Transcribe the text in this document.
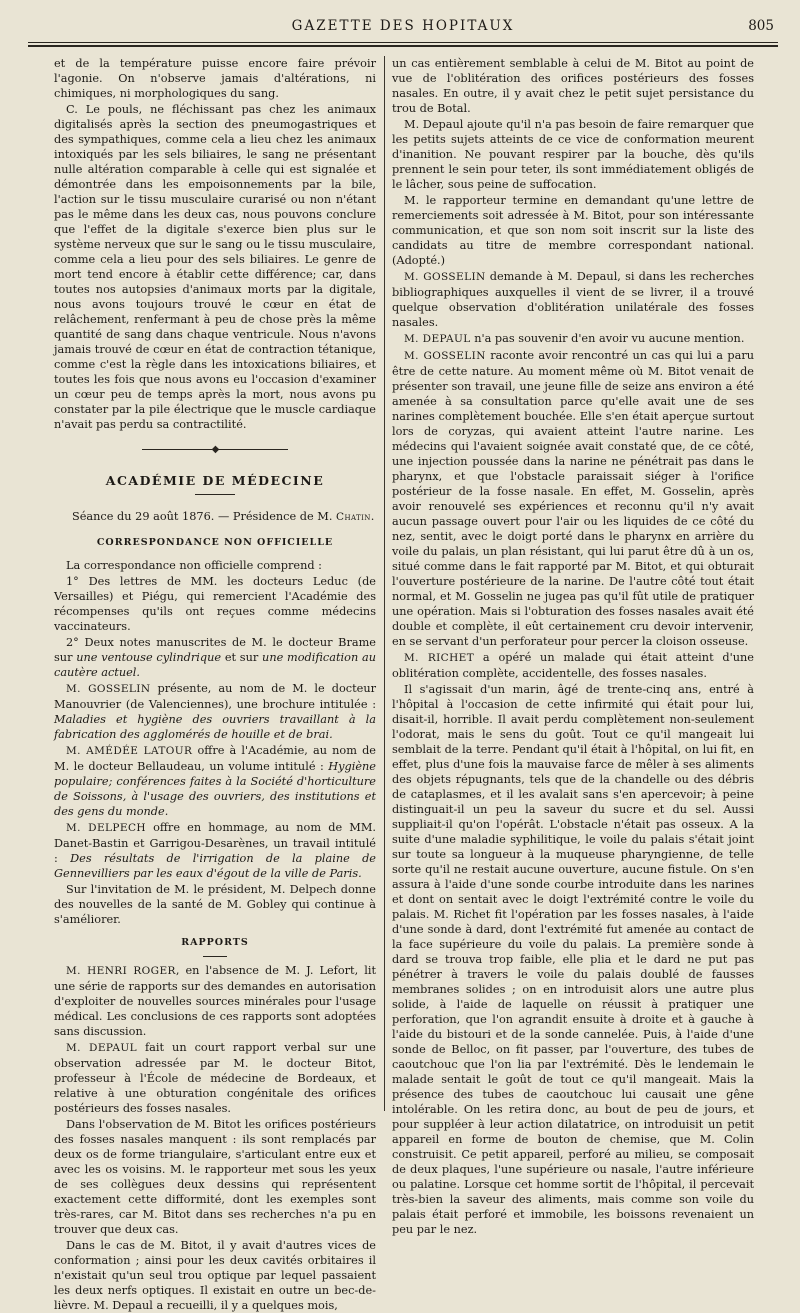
GAZETTE DES HOPITAUX	805

et de la température puisse encore faire prévoir l'agonie. On n'observe jamais d'altérations, ni chimiques, ni morphologiques du sang.

C. Le pouls, ne fléchissant pas chez les animaux digitalisés après la section des pneumogastriques et des sympathiques, comme cela a lieu chez les animaux intoxiqués par les sels biliaires, le sang ne présentant nulle altération comparable à celle qui est signalée et démontrée dans les empoisonnements par la bile, l'action sur le tissu musculaire curarisé ou non n'étant pas le même dans les deux cas, nous pouvons conclure que l'effet de la digitale s'exerce bien plus sur le système nerveux que sur le sang ou le tissu musculaire, comme cela a lieu pour des sels biliaires. Le genre de mort tend encore à établir cette différence; car, dans toutes nos autopsies d'animaux morts par la digitale, nous avons toujours trouvé le cœur en état de relâchement, renfermant à peu de chose près la même quantité de sang dans chaque ventricule. Nous n'avons jamais trouvé de cœur en état de contraction tétanique, comme c'est la règle dans les intoxications biliaires, et toutes les fois que nous avons eu l'occasion d'examiner un cœur peu de temps après la mort, nous avons pu constater par la pile électrique que le muscle cardiaque n'avait pas perdu sa contractilité.

◆
ACADÉMIE DE MÉDECINE

Séance du 29 août 1876. — Présidence de M. Chatin.

CORRESPONDANCE NON OFFICIELLE

La correspondance non officielle comprend :

1° Des lettres de MM. les docteurs Leduc (de Versailles) et Piégu, qui remercient l'Académie des récompenses qu'ils ont reçues comme médecins vaccinateurs.

2° Deux notes manuscrites de M. le docteur Brame sur une ventouse cylindrique et sur une modification au cautère actuel.

M. GOSSELIN présente, au nom de M. le docteur Manouvrier (de Valenciennes), une brochure intitulée : Maladies et hygiène des ouvriers travaillant à la fabrication des agglomérés de houille et de brai.

M. AMÉDÉE LATOUR offre à l'Académie, au nom de M. le docteur Bellaudeau, un volume intitulé : Hygiène populaire; conférences faites à la Société d'horticulture de Soissons, à l'usage des ouvriers, des institutions et des gens du monde.

M. DELPECH offre en hommage, au nom de MM. Danet-Bastin et Garrigou-Desarènes, un travail intitulé : Des résultats de l'irrigation de la plaine de Gennevilliers par les eaux d'égout de la ville de Paris.

Sur l'invitation de M. le président, M. Delpech donne des nouvelles de la santé de M. Gobley qui continue à s'améliorer.

RAPPORTS

M. HENRI ROGER, en l'absence de M. J. Lefort, lit une série de rapports sur des demandes en autorisation d'exploiter de nouvelles sources minérales pour l'usage médical. Les conclusions de ces rapports sont adoptées sans discussion.

M. DEPAUL fait un court rapport verbal sur une observation adressée par M. le docteur Bitot, professeur à l'École de médecine de Bordeaux, et relative à une obturation congénitale des orifices postérieurs des fosses nasales.

Dans l'observation de M. Bitot les orifices postérieurs des fosses nasales manquent : ils sont remplacés par deux os de forme triangulaire, s'articulant entre eux et avec les os voisins. M. le rapporteur met sous les yeux de ses collègues deux dessins qui représentent exactement cette difformité, dont les exemples sont très-rares, car M. Bitot dans ses recherches n'a pu en trouver que deux cas.

Dans le cas de M. Bitot, il y avait d'autres vices de conformation ; ainsi pour les deux cavités orbitaires il n'existait qu'un seul trou optique par lequel passaient les deux nerfs optiques. Il existait en outre un bec-de-lièvre. M. Depaul a recueilli, il y a quelques mois,

un cas entièrement semblable à celui de M. Bitot au point de vue de l'oblitération des orifices postérieurs des fosses nasales. En outre, il y avait chez le petit sujet persistance du trou de Botal.

M. Depaul ajoute qu'il n'a pas besoin de faire remarquer que les petits sujets atteints de ce vice de conformation meurent d'inanition. Ne pouvant respirer par la bouche, dès qu'ils prennent le sein pour teter, ils sont immédiatement obligés de le lâcher, sous peine de suffocation.

M. le rapporteur termine en demandant qu'une lettre de remerciements soit adressée à M. Bitot, pour son intéressante communication, et que son nom soit inscrit sur la liste des candidats au titre de membre correspondant national. (Adopté.)

M. GOSSELIN demande à M. Depaul, si dans les recherches bibliographiques auxquelles il vient de se livrer, il a trouvé quelque observation d'oblitération unilatérale des fosses nasales.

M. DEPAUL n'a pas souvenir d'en avoir vu aucune mention.

M. GOSSELIN raconte avoir rencontré un cas qui lui a paru être de cette nature. Au moment même où M. Bitot venait de présenter son travail, une jeune fille de seize ans environ a été amenée à sa consultation parce qu'elle avait une de ses narines complètement bouchée. Elle s'en était aperçue surtout lors de coryzas, qui avaient atteint l'autre narine. Les médecins qui l'avaient soignée avait constaté que, de ce côté, une injection poussée dans la narine ne pénétrait pas dans le pharynx, et que l'obstacle paraissait siéger à l'orifice postérieur de la fosse nasale. En effet, M. Gosselin, après avoir renouvelé ses expériences et reconnu qu'il n'y avait aucun passage ouvert pour l'air ou les liquides de ce côté du nez, sentit, avec le doigt porté dans le pharynx en arrière du voile du palais, un plan résistant, qui lui parut être dû à un os, situé comme dans le fait rapporté par M. Bitot, et qui obturait l'ouverture postérieure de la narine. De l'autre côté tout était normal, et M. Gosselin ne jugea pas qu'il fût utile de pratiquer une opération. Mais si l'obturation des fosses nasales avait été double et complète, il eût certainement cru devoir intervenir, en se servant d'un perforateur pour percer la cloison osseuse.

M. RICHET a opéré un malade qui était atteint d'une oblitération complète, accidentelle, des fosses nasales.

Il s'agissait d'un marin, âgé de trente-cinq ans, entré à l'hôpital à l'occasion de cette infirmité qui était pour lui, disait-il, horrible. Il avait perdu complètement non-seulement l'odorat, mais le sens du goût. Tout ce qu'il mangeait lui semblait de la terre. Pendant qu'il était à l'hôpital, on lui fit, en effet, plus d'une fois la mauvaise farce de mêler à ses aliments des objets répugnants, tels que de la chandelle ou des débris de cataplasmes, et il les avalait sans s'en apercevoir; à peine distinguait-il un peu la saveur du sucre et du sel. Aussi suppliait-il qu'on l'opérât. L'obstacle n'était pas osseux. A la suite d'une maladie syphilitique, le voile du palais s'était joint sur toute sa longueur à la muqueuse pharyngienne, de telle sorte qu'il ne restait aucune ouverture, aucune fistule. On s'en assura à l'aide d'une sonde courbe introduite dans les narines et dont on sentait avec le doigt l'extrémité contre le voile du palais. M. Richet fit l'opération par les fosses nasales, à l'aide d'une sonde à dard, dont l'extrémité fut amenée au contact de la face supérieure du voile du palais. La première sonde à dard se trouva trop faible, elle plia et le dard ne put pas pénétrer à travers le voile du palais doublé de fausses membranes solides ; on en introduisit alors une autre plus solide, à l'aide de laquelle on réussit à pratiquer une perforation, que l'on agrandit ensuite à droite et à gauche à l'aide du bistouri et de la sonde cannelée. Puis, à l'aide d'une sonde de Belloc, on fit passer, par l'ouverture, des tubes de caoutchouc que l'on lia par l'extrémité. Dès le lendemain le malade sentait le goût de tout ce qu'il mangeait. Mais la présence des tubes de caoutchouc lui causait une gêne intolérable. On les retira donc, au bout de peu de jours, et pour suppléer à leur action dilatatrice, on introduisit un petit appareil en forme de bouton de chemise, que M. Colin construisit. Ce petit appareil, perforé au milieu, se composait de deux plaques, l'une supérieure ou nasale, l'autre inférieure ou palatine. Lorsque cet homme sortit de l'hôpital, il percevait très-bien la saveur des aliments, mais comme son voile du palais était perforé et immobile, les boissons revenaient un peu par le nez.
